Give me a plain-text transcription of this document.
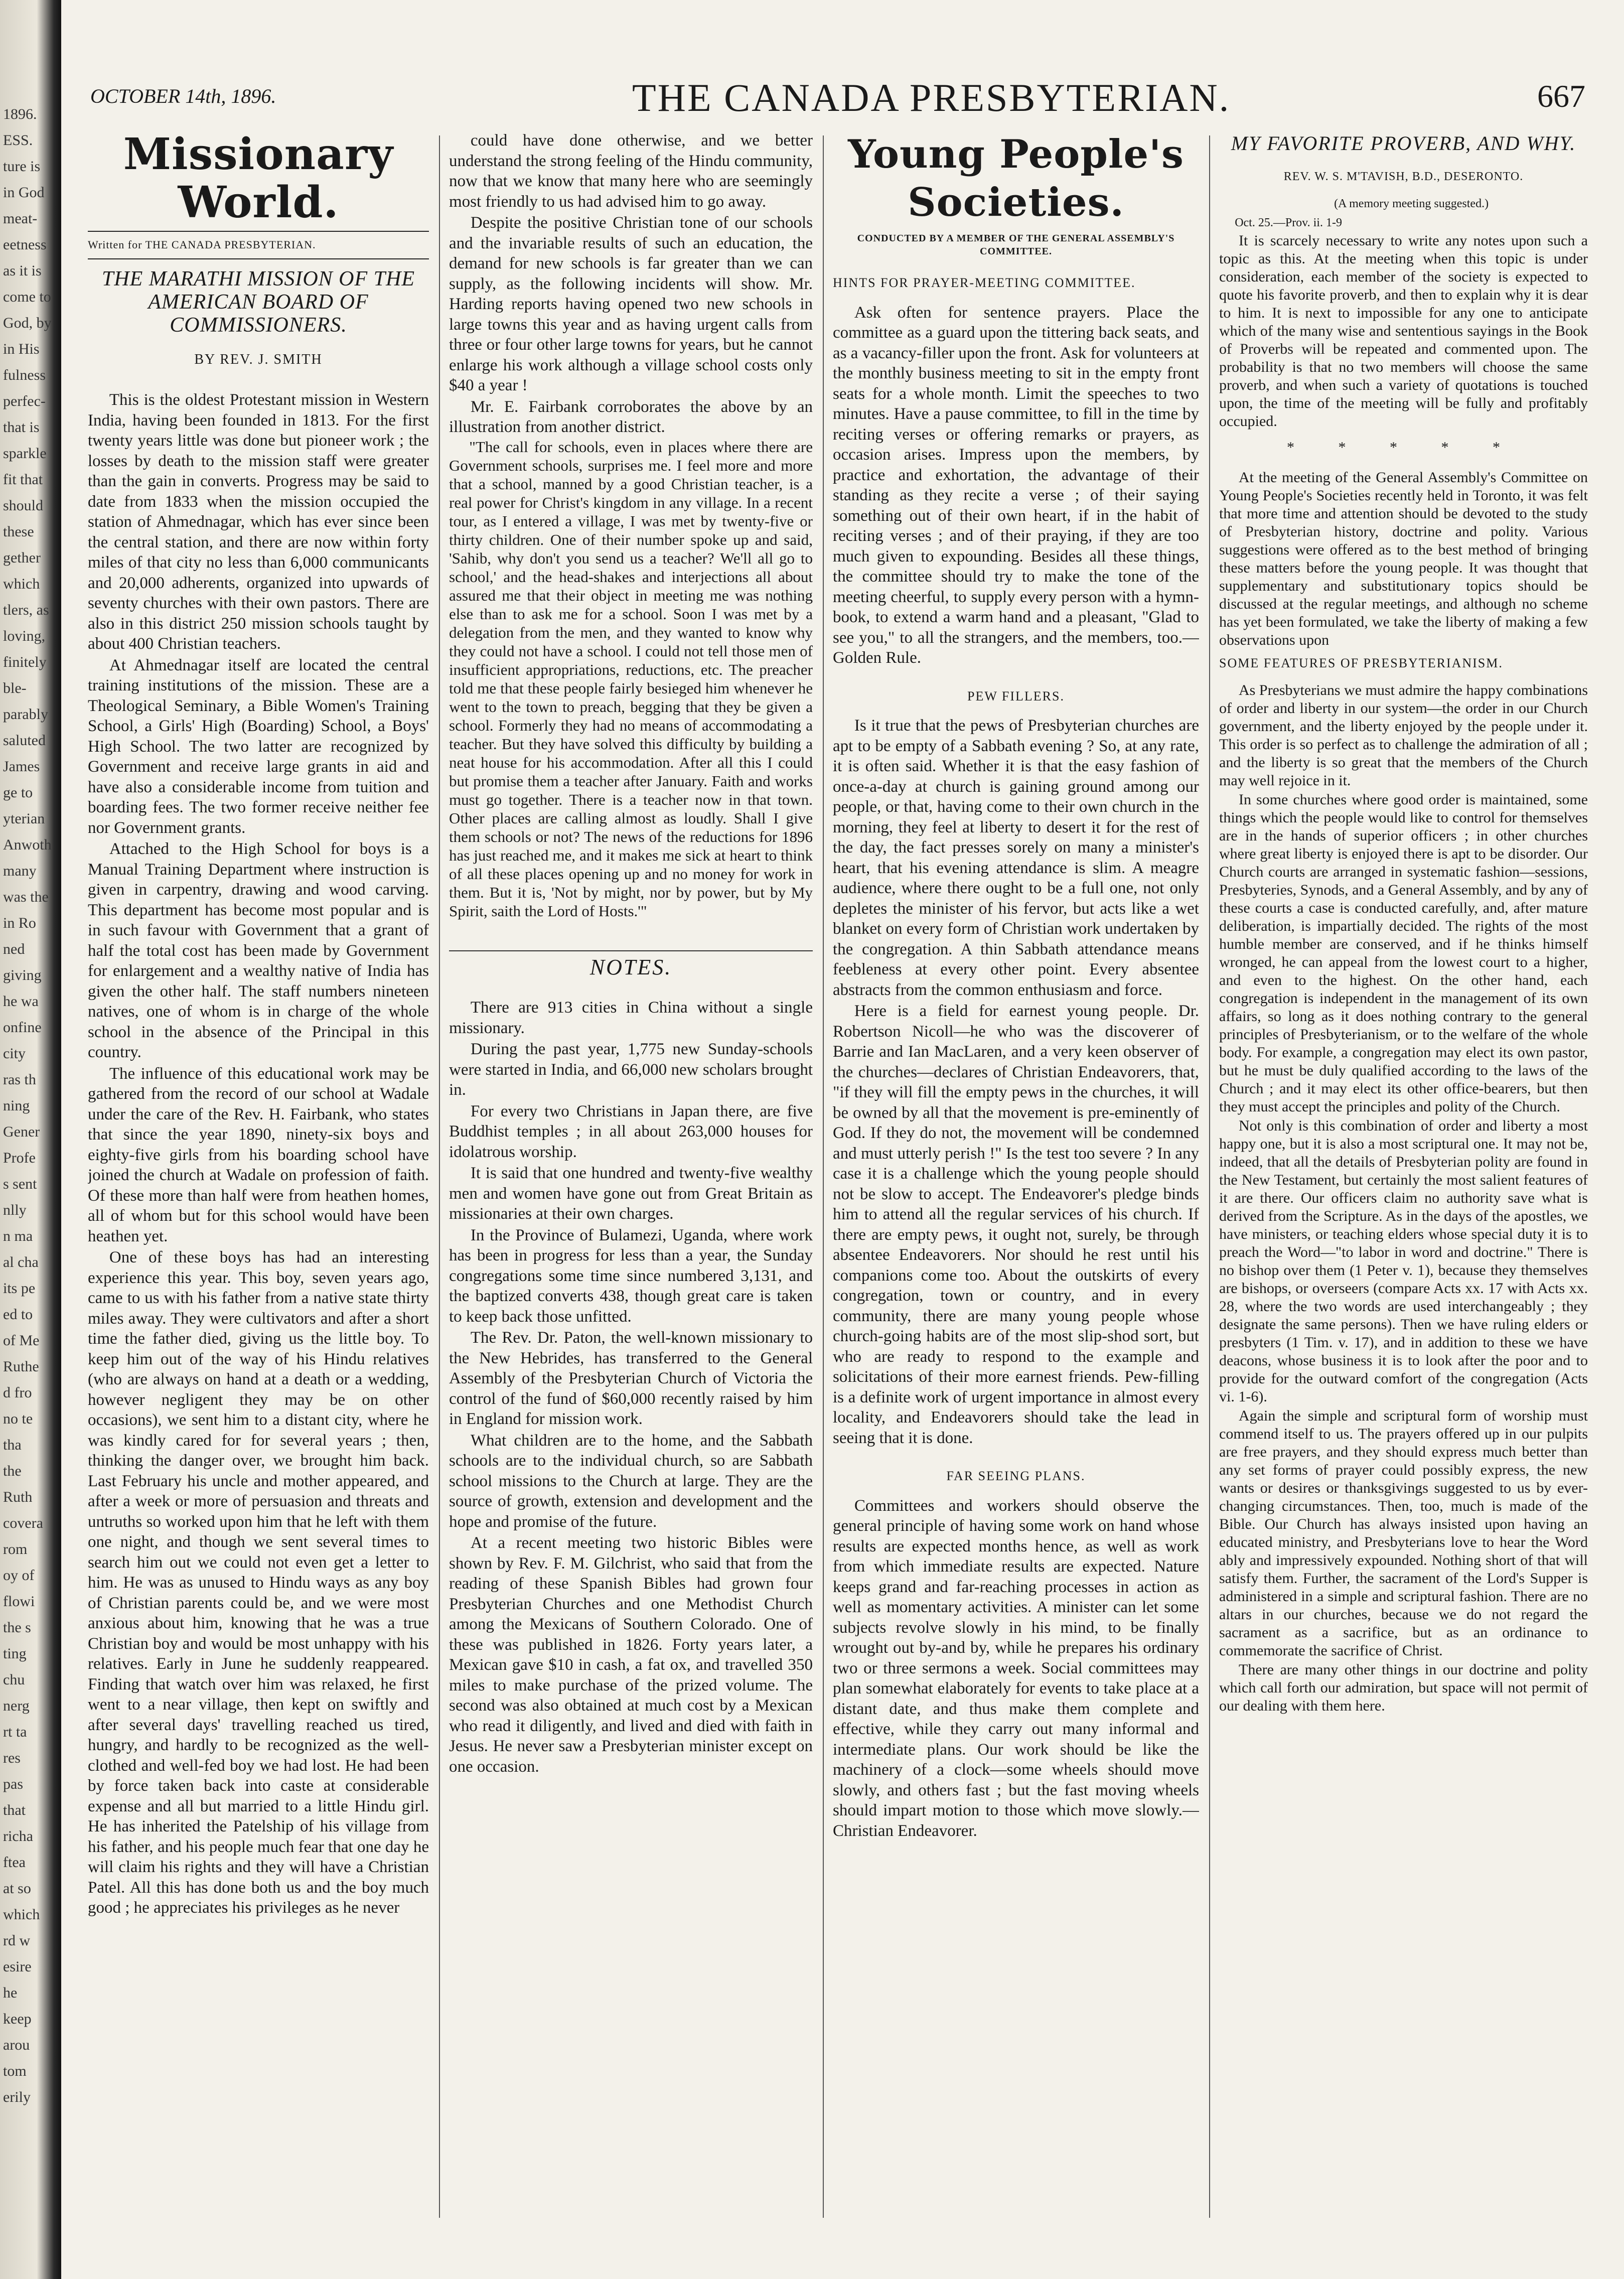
1896.
ESS.
ture is
in God
meat-
eetness
as it is
come to
God, by
in His
fulness
perfec-
that is
sparkle
fit that
should
these
gether
which
tlers, as
loving,
finitely
ble-
parably
saluted
James
ge to
yterian
Anwoth
many
was the
in Ro
ned
giving
he wa
onfine
city
ras th
ning
Gener
Profe
s sent
nlly
n ma
al cha
its pe
ed to
of Me
Ruthe
d fro
no te
tha
the
Ruth
covera
rom
oy of
flowi
the s
ting
chu
nerg
rt ta
res
pas
that
richa
ftea
at so
which
rd w
esire
he
keep
arou
tom
erily
OCTOBER 14th, 1896.	THE CANADA PRESBYTERIAN.	667
Missionary World.
Written for THE CANADA PRESBYTERIAN.
THE MARATHI MISSION OF THE AMERICAN BOARD OF COMMISSIONERS.
BY REV. J. SMITH

This is the oldest Protestant mission in Western India, having been founded in 1813. For the first twenty years little was done but pioneer work ; the losses by death to the mission staff were greater than the gain in converts. Progress may be said to date from 1833 when the mission occupied the station of Ahmednagar, which has ever since been the central station, and there are now within forty miles of that city no less than 6,000 communicants and 20,000 adherents, organized into upwards of seventy churches with their own pastors. There are also in this district 250 mission schools taught by about 400 Christian teachers.

At Ahmednagar itself are located the central training institutions of the mission. These are a Theological Seminary, a Bible Women's Training School, a Girls' High (Boarding) School, a Boys' High School. The two latter are recognized by Government and receive large grants in aid and have also a considerable income from tuition and boarding fees. The two former receive neither fee nor Government grants.

Attached to the High School for boys is a Manual Training Department where instruction is given in carpentry, drawing and wood carving. This department has become most popular and is in such favour with Government that a grant of half the total cost has been made by Government for enlargement and a wealthy native of India has given the other half. The staff numbers nineteen natives, one of whom is in charge of the whole school in the absence of the Principal in this country.

The influence of this educational work may be gathered from the record of our school at Wadale under the care of the Rev. H. Fairbank, who states that since the year 1890, ninety-six boys and eighty-five girls from his boarding school have joined the church at Wadale on profession of faith. Of these more than half were from heathen homes, all of whom but for this school would have been heathen yet.

One of these boys has had an interesting experience this year. This boy, seven years ago, came to us with his father from a native state thirty miles away. They were cultivators and after a short time the father died, giving us the little boy. To keep him out of the way of his Hindu relatives (who are always on hand at a death or a wedding, however negligent they may be on other occasions), we sent him to a distant city, where he was kindly cared for for several years ; then, thinking the danger over, we brought him back. Last February his uncle and mother appeared, and after a week or more of persuasion and threats and untruths so worked upon him that he left with them one night, and though we sent several times to search him out we could not even get a letter to him. He was as unused to Hindu ways as any boy of Christian parents could be, and we were most anxious about him, knowing that he was a true Christian boy and would be most unhappy with his relatives. Early in June he suddenly reappeared. Finding that watch over him was relaxed, he first went to a near village, then kept on swiftly and after several days' travelling reached us tired, hungry, and hardly to be recognized as the well-clothed and well-fed boy we had lost. He had been by force taken back into caste at considerable expense and all but married to a little Hindu girl. He has inherited the Patelship of his village from his father, and his people much fear that one day he will claim his rights and they will have a Christian Patel. All this has done both us and the boy much good ; he appreciates his privileges as he never

could have done otherwise, and we better understand the strong feeling of the Hindu community, now that we know that many here who are seemingly most friendly to us had advised him to go away.

Despite the positive Christian tone of our schools and the invariable results of such an education, the demand for new schools is far greater than we can supply, as the following incidents will show. Mr. Harding reports having opened two new schools in large towns this year and as having urgent calls from three or four other large towns for years, but he cannot enlarge his work although a village school costs only $40 a year !

Mr. E. Fairbank corroborates the above by an illustration from another district.

"The call for schools, even in places where there are Government schools, surprises me. I feel more and more that a school, manned by a good Christian teacher, is a real power for Christ's kingdom in any village. In a recent tour, as I entered a village, I was met by twenty-five or thirty children. One of their number spoke up and said, 'Sahib, why don't you send us a teacher? We'll all go to school,' and the head-shakes and interjections all about assured me that their object in meeting me was nothing else than to ask me for a school. Soon I was met by a delegation from the men, and they wanted to know why they could not have a school. I could not tell those men of insufficient appropriations, reductions, etc. The preacher told me that these people fairly besieged him whenever he went to the town to preach, begging that they be given a school. Formerly they had no means of accommodating a teacher. But they have solved this difficulty by building a neat house for his accommodation. After all this I could but promise them a teacher after January. Faith and works must go together. There is a teacher now in that town. Other places are calling almost as loudly. Shall I give them schools or not? The news of the reductions for 1896 has just reached me, and it makes me sick at heart to think of all these places opening up and no money for work in them. But it is, 'Not by might, nor by power, but by My Spirit, saith the Lord of Hosts.'"

NOTES.

There are 913 cities in China without a single missionary.

During the past year, 1,775 new Sunday-schools were started in India, and 66,000 new scholars brought in.

For every two Christians in Japan there, are five Buddhist temples ; in all about 263,000 houses for idolatrous worship.

It is said that one hundred and twenty-five wealthy men and women have gone out from Great Britain as missionaries at their own charges.

In the Province of Bulamezi, Uganda, where work has been in progress for less than a year, the Sunday congregations some time since numbered 3,131, and the baptized converts 438, though great care is taken to keep back those unfitted.

The Rev. Dr. Paton, the well-known missionary to the New Hebrides, has transferred to the General Assembly of the Presbyterian Church of Victoria the control of the fund of $60,000 recently raised by him in England for mission work.

What children are to the home, and the Sabbath schools are to the individual church, so are Sabbath school missions to the Church at large. They are the source of growth, extension and development and the hope and promise of the future.

At a recent meeting two historic Bibles were shown by Rev. F. M. Gilchrist, who said that from the reading of these Spanish Bibles had grown four Presbyterian Churches and one Methodist Church among the Mexicans of Southern Colorado. One of these was published in 1826. Forty years later, a Mexican gave $10 in cash, a fat ox, and travelled 350 miles to make purchase of the prized volume. The second was also obtained at much cost by a Mexican who read it diligently, and lived and died with faith in Jesus. He never saw a Presbyterian minister except on one occasion.

Young People's Societies.
CONDUCTED BY A MEMBER OF THE GENERAL ASSEMBLY'S COMMITTEE.
HINTS FOR PRAYER-MEETING COMMITTEE.

Ask often for sentence prayers. Place the committee as a guard upon the tittering back seats, and as a vacancy-filler upon the front. Ask for volunteers at the monthly business meeting to sit in the empty front seats for a whole month. Limit the speeches to two minutes. Have a pause committee, to fill in the time by reciting verses or offering remarks or prayers, as occasion arises. Impress upon the members, by practice and exhortation, the advantage of their standing as they recite a verse ; of their saying something out of their own heart, if in the habit of reciting verses ; and of their praying, if they are too much given to expounding. Besides all these things, the committee should try to make the tone of the meeting cheerful, to supply every person with a hymn-book, to extend a warm hand and a pleasant, "Glad to see you," to all the strangers, and the members, too.—Golden Rule.

PEW FILLERS.

Is it true that the pews of Presbyterian churches are apt to be empty of a Sabbath evening ? So, at any rate, it is often said. Whether it is that the easy fashion of once-a-day at church is gaining ground among our people, or that, having come to their own church in the morning, they feel at liberty to desert it for the rest of the day, the fact presses sorely on many a minister's heart, that his evening attendance is slim. A meagre audience, where there ought to be a full one, not only depletes the minister of his fervor, but acts like a wet blanket on every form of Christian work undertaken by the congregation. A thin Sabbath attendance means feebleness at every other point. Every absentee abstracts from the common enthusiasm and force.

Here is a field for earnest young people. Dr. Robertson Nicoll—he who was the discoverer of Barrie and Ian MacLaren, and a very keen observer of the churches—declares of Christian Endeavorers, that, "if they will fill the empty pews in the churches, it will be owned by all that the movement is pre-eminently of God. If they do not, the movement will be condemned and must utterly perish !" Is the test too severe ? In any case it is a challenge which the young people should not be slow to accept. The Endeavorer's pledge binds him to attend all the regular services of his church. If there are empty pews, it ought not, surely, be through absentee Endeavorers. Nor should he rest until his companions come too. About the outskirts of every congregation, town or country, and in every community, there are many young people whose church-going habits are of the most slip-shod sort, but who are ready to respond to the example and solicitations of their more earnest friends. Pew-filling is a definite work of urgent importance in almost every locality, and Endeavorers should take the lead in seeing that it is done.

FAR SEEING PLANS.

Committees and workers should observe the general principle of having some work on hand whose results are expected months hence, as well as work from which immediate results are expected. Nature keeps grand and far-reaching processes in action as well as momentary activities. A minister can let some subjects revolve slowly in his mind, to be finally wrought out by-and by, while he prepares his ordinary two or three sermons a week. Social committees may plan somewhat elaborately for events to take place at a distant date, and thus make them complete and effective, while they carry out many informal and intermediate plans. Our work should be like the machinery of a clock—some wheels should move slowly, and others fast ; but the fast moving wheels should impart motion to those which move slowly.—Christian Endeavorer.

MY FAVORITE PROVERB, AND WHY.
REV. W. S. M'TAVISH, B.D., DESERONTO.

(A memory meeting suggested.)

Oct. 25.—Prov. ii. 1-9

It is scarcely necessary to write any notes upon such a topic as this. At the meeting when this topic is under consideration, each member of the society is expected to quote his favorite proverb, and then to explain why it is dear to him. It is next to impossible for any one to anticipate which of the many wise and sententious sayings in the Book of Proverbs will be repeated and commented upon. The probability is that no two members will choose the same proverb, and when such a variety of quotations is touched upon, the time of the meeting will be fully and profitably occupied.

* * * * *

At the meeting of the General Assembly's Committee on Young People's Societies recently held in Toronto, it was felt that more time and attention should be devoted to the study of Presbyterian history, doctrine and polity. Various suggestions were offered as to the best method of bringing these matters before the young people. It was thought that supplementary and substitutionary topics should be discussed at the regular meetings, and although no scheme has yet been formulated, we take the liberty of making a few observations upon

SOME FEATURES OF PRESBYTERIANISM.

As Presbyterians we must admire the happy combinations of order and liberty in our system—the order in our Church government, and the liberty enjoyed by the people under it. This order is so perfect as to challenge the admiration of all ; and the liberty is so great that the members of the Church may well rejoice in it.

In some churches where good order is maintained, some things which the people would like to control for themselves are in the hands of superior officers ; in other churches where great liberty is enjoyed there is apt to be disorder. Our Church courts are arranged in systematic fashion—sessions, Presbyteries, Synods, and a General Assembly, and by any of these courts a case is conducted carefully, and, after mature deliberation, is impartially decided. The rights of the most humble member are conserved, and if he thinks himself wronged, he can appeal from the lowest court to a higher, and even to the highest. On the other hand, each congregation is independent in the management of its own affairs, so long as it does nothing contrary to the general principles of Presbyterianism, or to the welfare of the whole body. For example, a congregation may elect its own pastor, but he must be duly qualified according to the laws of the Church ; and it may elect its other office-bearers, but then they must accept the principles and polity of the Church.

Not only is this combination of order and liberty a most happy one, but it is also a most scriptural one. It may not be, indeed, that all the details of Presbyterian polity are found in the New Testament, but certainly the most salient features of it are there. Our officers claim no authority save what is derived from the Scripture. As in the days of the apostles, we have ministers, or teaching elders whose special duty it is to preach the Word—"to labor in word and doctrine." There is no bishop over them (1 Peter v. 1), because they themselves are bishops, or overseers (compare Acts xx. 17 with Acts xx. 28, where the two words are used interchangeably ; they designate the same persons). Then we have ruling elders or presbyters (1 Tim. v. 17), and in addition to these we have deacons, whose business it is to look after the poor and to provide for the outward comfort of the congregation (Acts vi. 1-6).

Again the simple and scriptural form of worship must commend itself to us. The prayers offered up in our pulpits are free prayers, and they should express much better than any set forms of prayer could possibly express, the new wants or desires or thanksgivings suggested to us by ever-changing circumstances. Then, too, much is made of the Bible. Our Church has always insisted upon having an educated ministry, and Presbyterians love to hear the Word ably and impressively expounded. Nothing short of that will satisfy them. Further, the sacrament of the Lord's Supper is administered in a simple and scriptural fashion. There are no altars in our churches, because we do not regard the sacrament as a sacrifice, but as an ordinance to commemorate the sacrifice of Christ.

There are many other things in our doctrine and polity which call forth our admiration, but space will not permit of our dealing with them here.
